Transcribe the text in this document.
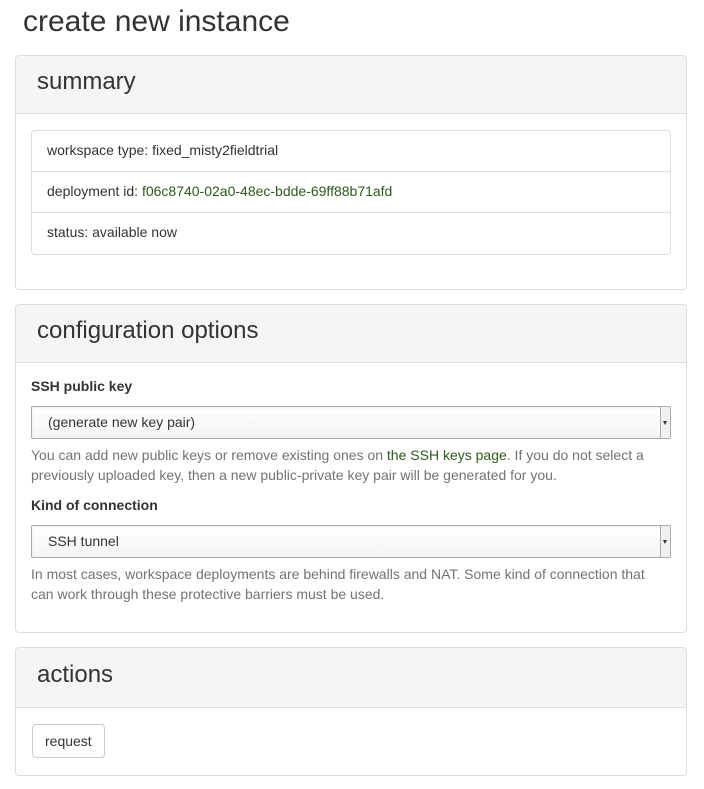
create new instance
summary
workspace type: fixed_misty2fieldtrial
deployment id: f06c8740-02a0-48ec-bdde-69ff88b71afd
status: available now
configuration options
SSH public key
(generate new key pair)

You can add new public keys or remove existing ones on the SSH keys page. If you do not select a previously uploaded key, then a new public-private key pair will be generated for you.

Kind of connection
SSH tunnel

In most cases, workspace deployments are behind firewalls and NAT. Some kind of connection that can work through these protective barriers must be used.

actions
request
